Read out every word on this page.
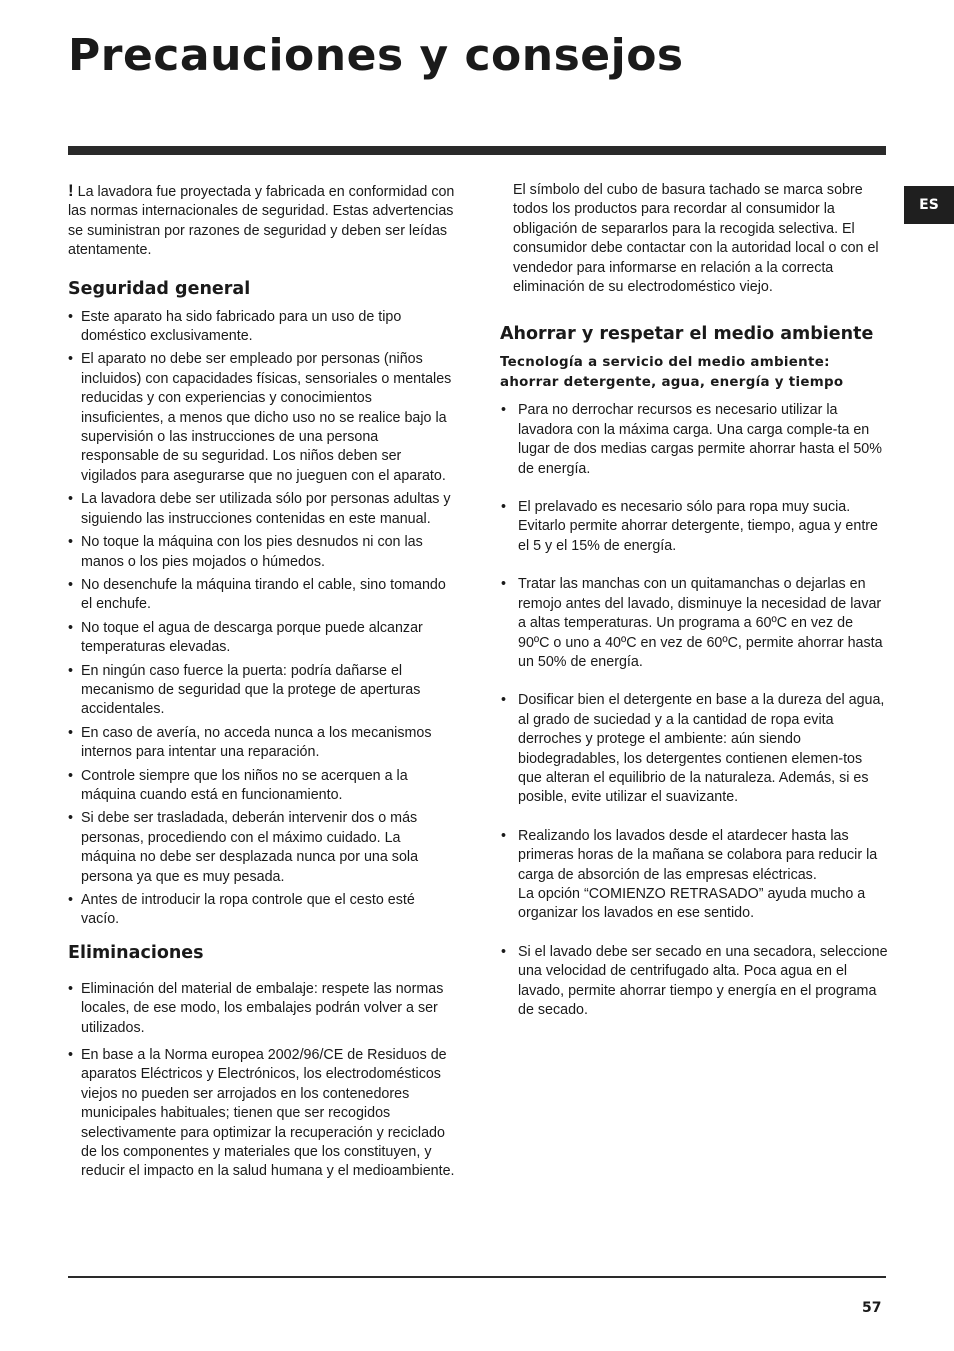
Precauciones y consejos
ES

! La lavadora fue proyectada y fabricada en conformidad con las normas internacionales de seguridad. Estas advertencias se suministran por razones de seguridad y deben ser leídas atentamente.

Seguridad general
• Este aparato ha sido fabricado para un uso de tipo doméstico exclusivamente.
• El aparato no debe ser empleado por personas (niños incluidos) con capacidades físicas, sensoriales o mentales reducidas y con experiencias y conocimientos insuficientes, a menos que dicho uso no se realice bajo la supervisión o las instrucciones de una persona responsable de su seguridad. Los niños deben ser vigilados para asegurarse que no jueguen con el aparato.
• La lavadora debe ser utilizada sólo por personas adultas y siguiendo las instrucciones contenidas en este manual.
• No toque la máquina con los pies desnudos ni con las manos o los pies mojados o húmedos.
• No desenchufe la máquina tirando el cable, sino tomando el enchufe.
• No toque el agua de descarga porque puede alcanzar temperaturas elevadas.
• En ningún caso fuerce la puerta: podría dañarse el mecanismo de seguridad que la protege de aperturas accidentales.
• En caso de avería, no acceda nunca a los mecanismos internos para intentar una reparación.
• Controle siempre que los niños no se acerquen a la máquina cuando está en funcionamiento.
• Si debe ser trasladada, deberán intervenir dos o más personas, procediendo con el máximo cuidado. La máquina no debe ser desplazada nunca por una sola persona ya que es muy pesada.
• Antes de introducir la ropa controle que el cesto esté vacío.
Eliminaciones
• Eliminación del material de embalaje: respete las normas locales, de ese modo, los embalajes podrán volver a ser utilizados.
• En base a la Norma europea 2002/96/CE de Residuos de aparatos Eléctricos y Electrónicos, los electrodomésticos viejos no pueden ser arrojados en los contenedores municipales habituales; tienen que ser recogidos selectivamente para optimizar la recuperación y reciclado de los componentes y materiales que los constituyen, y reducir el impacto en la salud humana y el medioambiente.

El símbolo del cubo de basura tachado se marca sobre todos los productos para recordar al consumidor la obligación de separarlos para la recogida selectiva. El consumidor debe contactar con la autoridad local o con el vendedor para informarse en relación a la correcta eliminación de su electrodoméstico viejo.

Ahorrar y respetar el medio ambiente

Tecnología a servicio del medio ambiente:
ahorrar detergente, agua, energía y tiempo

• Para no derrochar recursos es necesario utilizar la lavadora con la máxima carga. Una carga comple-ta en lugar de dos medias cargas permite ahorrar hasta el 50% de energía.
• El prelavado es necesario sólo para ropa muy sucia. Evitarlo permite ahorrar detergente, tiempo, agua y entre el 5 y el 15% de energía.
• Tratar las manchas con un quitamanchas o dejarlas en remojo antes del lavado, disminuye la necesidad de lavar a altas temperaturas. Un programa a 60ºC en vez de 90ºC o uno a 40ºC en vez de 60ºC, permite ahorrar hasta un 50% de energía.
• Dosificar bien el detergente en base a la dureza del agua, al grado de suciedad y a la cantidad de ropa evita derroches y protege el ambiente: aún siendo biodegradables, los detergentes contienen elemen-tos que alteran el equilibrio de la naturaleza. Además, si es posible, evite utilizar el suavizante.
• Realizando los lavados desde el atardecer hasta las primeras horas de la mañana se colabora para reducir la carga de absorción de las empresas eléctricas.
La opción “COMIENZO RETRASADO” ayuda mucho a organizar los lavados en ese sentido.
• Si el lavado debe ser secado en una secadora, seleccione una velocidad de centrifugado alta. Poca agua en el lavado, permite ahorrar tiempo y energía en el programa de secado.
57
